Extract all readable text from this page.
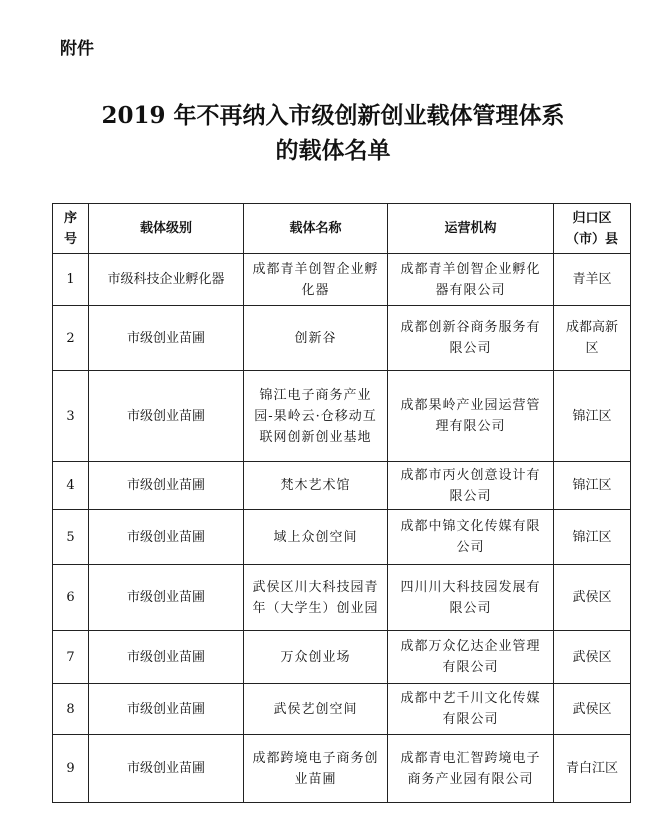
附件
2019 年不再纳入市级创新创业载体管理体系
的载体名单
序号	载体级别	载体名称	运营机构	归口区（市）县
1	市级科技企业孵化器	成都青羊创智企业孵化器	成都青羊创智企业孵化器有限公司	青羊区
2	市级创业苗圃	创新谷	成都创新谷商务服务有限公司	成都高新区
3	市级创业苗圃	锦江电子商务产业园-果岭云·仓移动互联网创新创业基地	成都果岭产业园运营管理有限公司	锦江区
4	市级创业苗圃	梵木艺术馆	成都市丙火创意设计有限公司	锦江区
5	市级创业苗圃	域上众创空间	成都中锦文化传媒有限公司	锦江区
6	市级创业苗圃	武侯区川大科技园青年（大学生）创业园	四川川大科技园发展有限公司	武侯区
7	市级创业苗圃	万众创业场	成都万众亿达企业管理有限公司	武侯区
8	市级创业苗圃	武侯艺创空间	成都中艺千川文化传媒有限公司	武侯区
9	市级创业苗圃	成都跨境电子商务创业苗圃	成都青电汇智跨境电子商务产业园有限公司	青白江区
